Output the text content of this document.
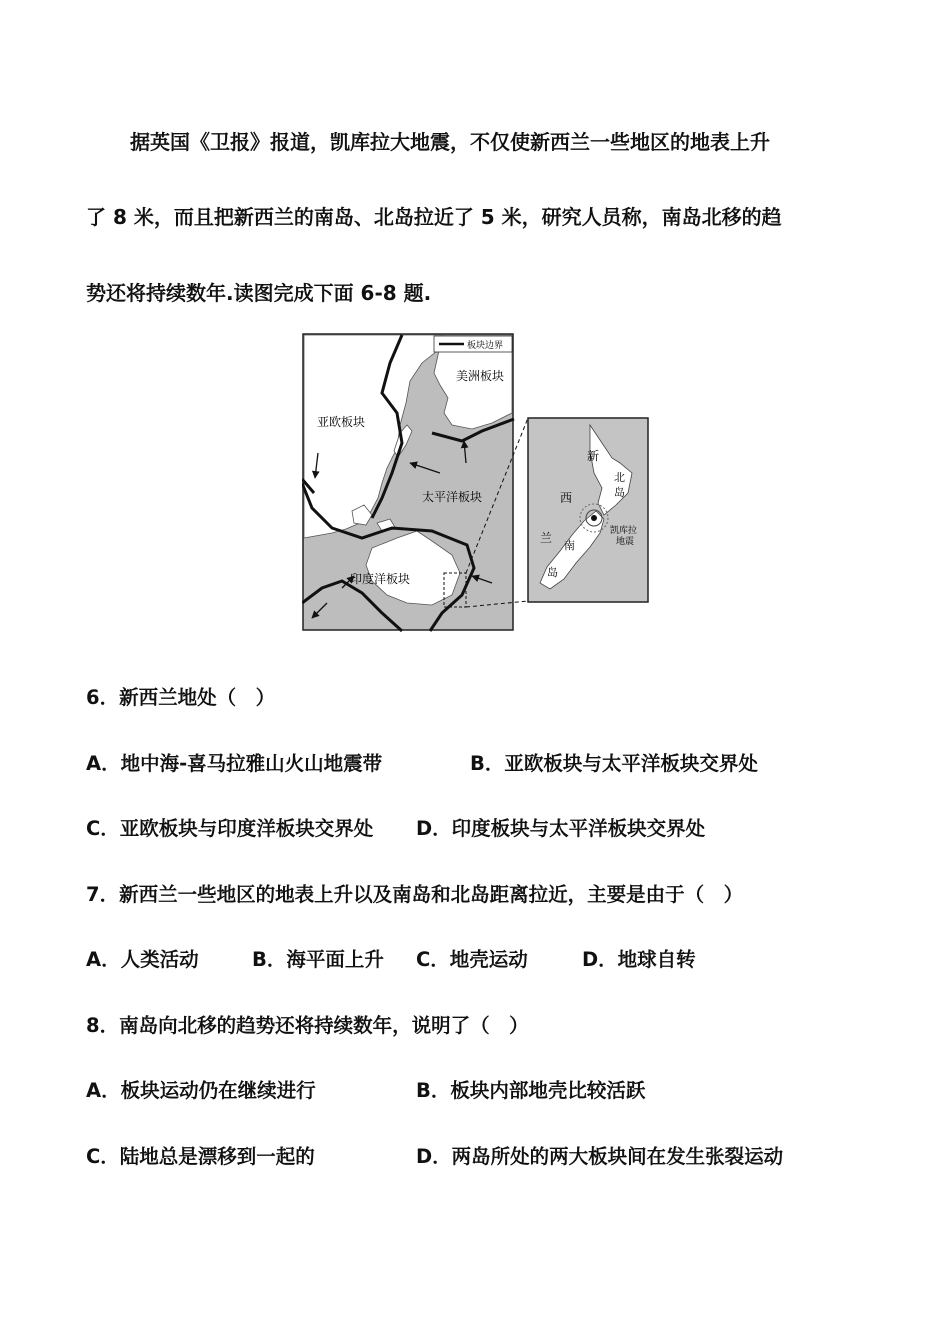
据英国《卫报》报道，凯库拉大地震，不仅使新西兰一些地区的地表上升
了 8 米，而且把新西兰的南岛、北岛拉近了 5 米，研究人员称，南岛北移的趋
势还将持续数年.读图完成下面 6-8 题.
板块边界
美洲板块
亚欧板块
太平洋板块
印度洋板块
新
北
岛
西
凯库拉
地震
兰
南
岛
6．新西兰地处（　）
A．地中海-喜马拉雅山火山地震带	B．亚欧板块与太平洋板块交界处
C．亚欧板块与印度洋板块交界处 D．印度板块与太平洋板块交界处
7．新西兰一些地区的地表上升以及南岛和北岛距离拉近，主要是由于（　）
A．人类活动	B．海平面上升 C．地壳运动	D．地球自转
8．南岛向北移的趋势还将持续数年，说明了（　）
A．板块运动仍在继续进行	B．板块内部地壳比较活跃
C．陆地总是漂移到一起的	D．两岛所处的两大板块间在发生张裂运动
